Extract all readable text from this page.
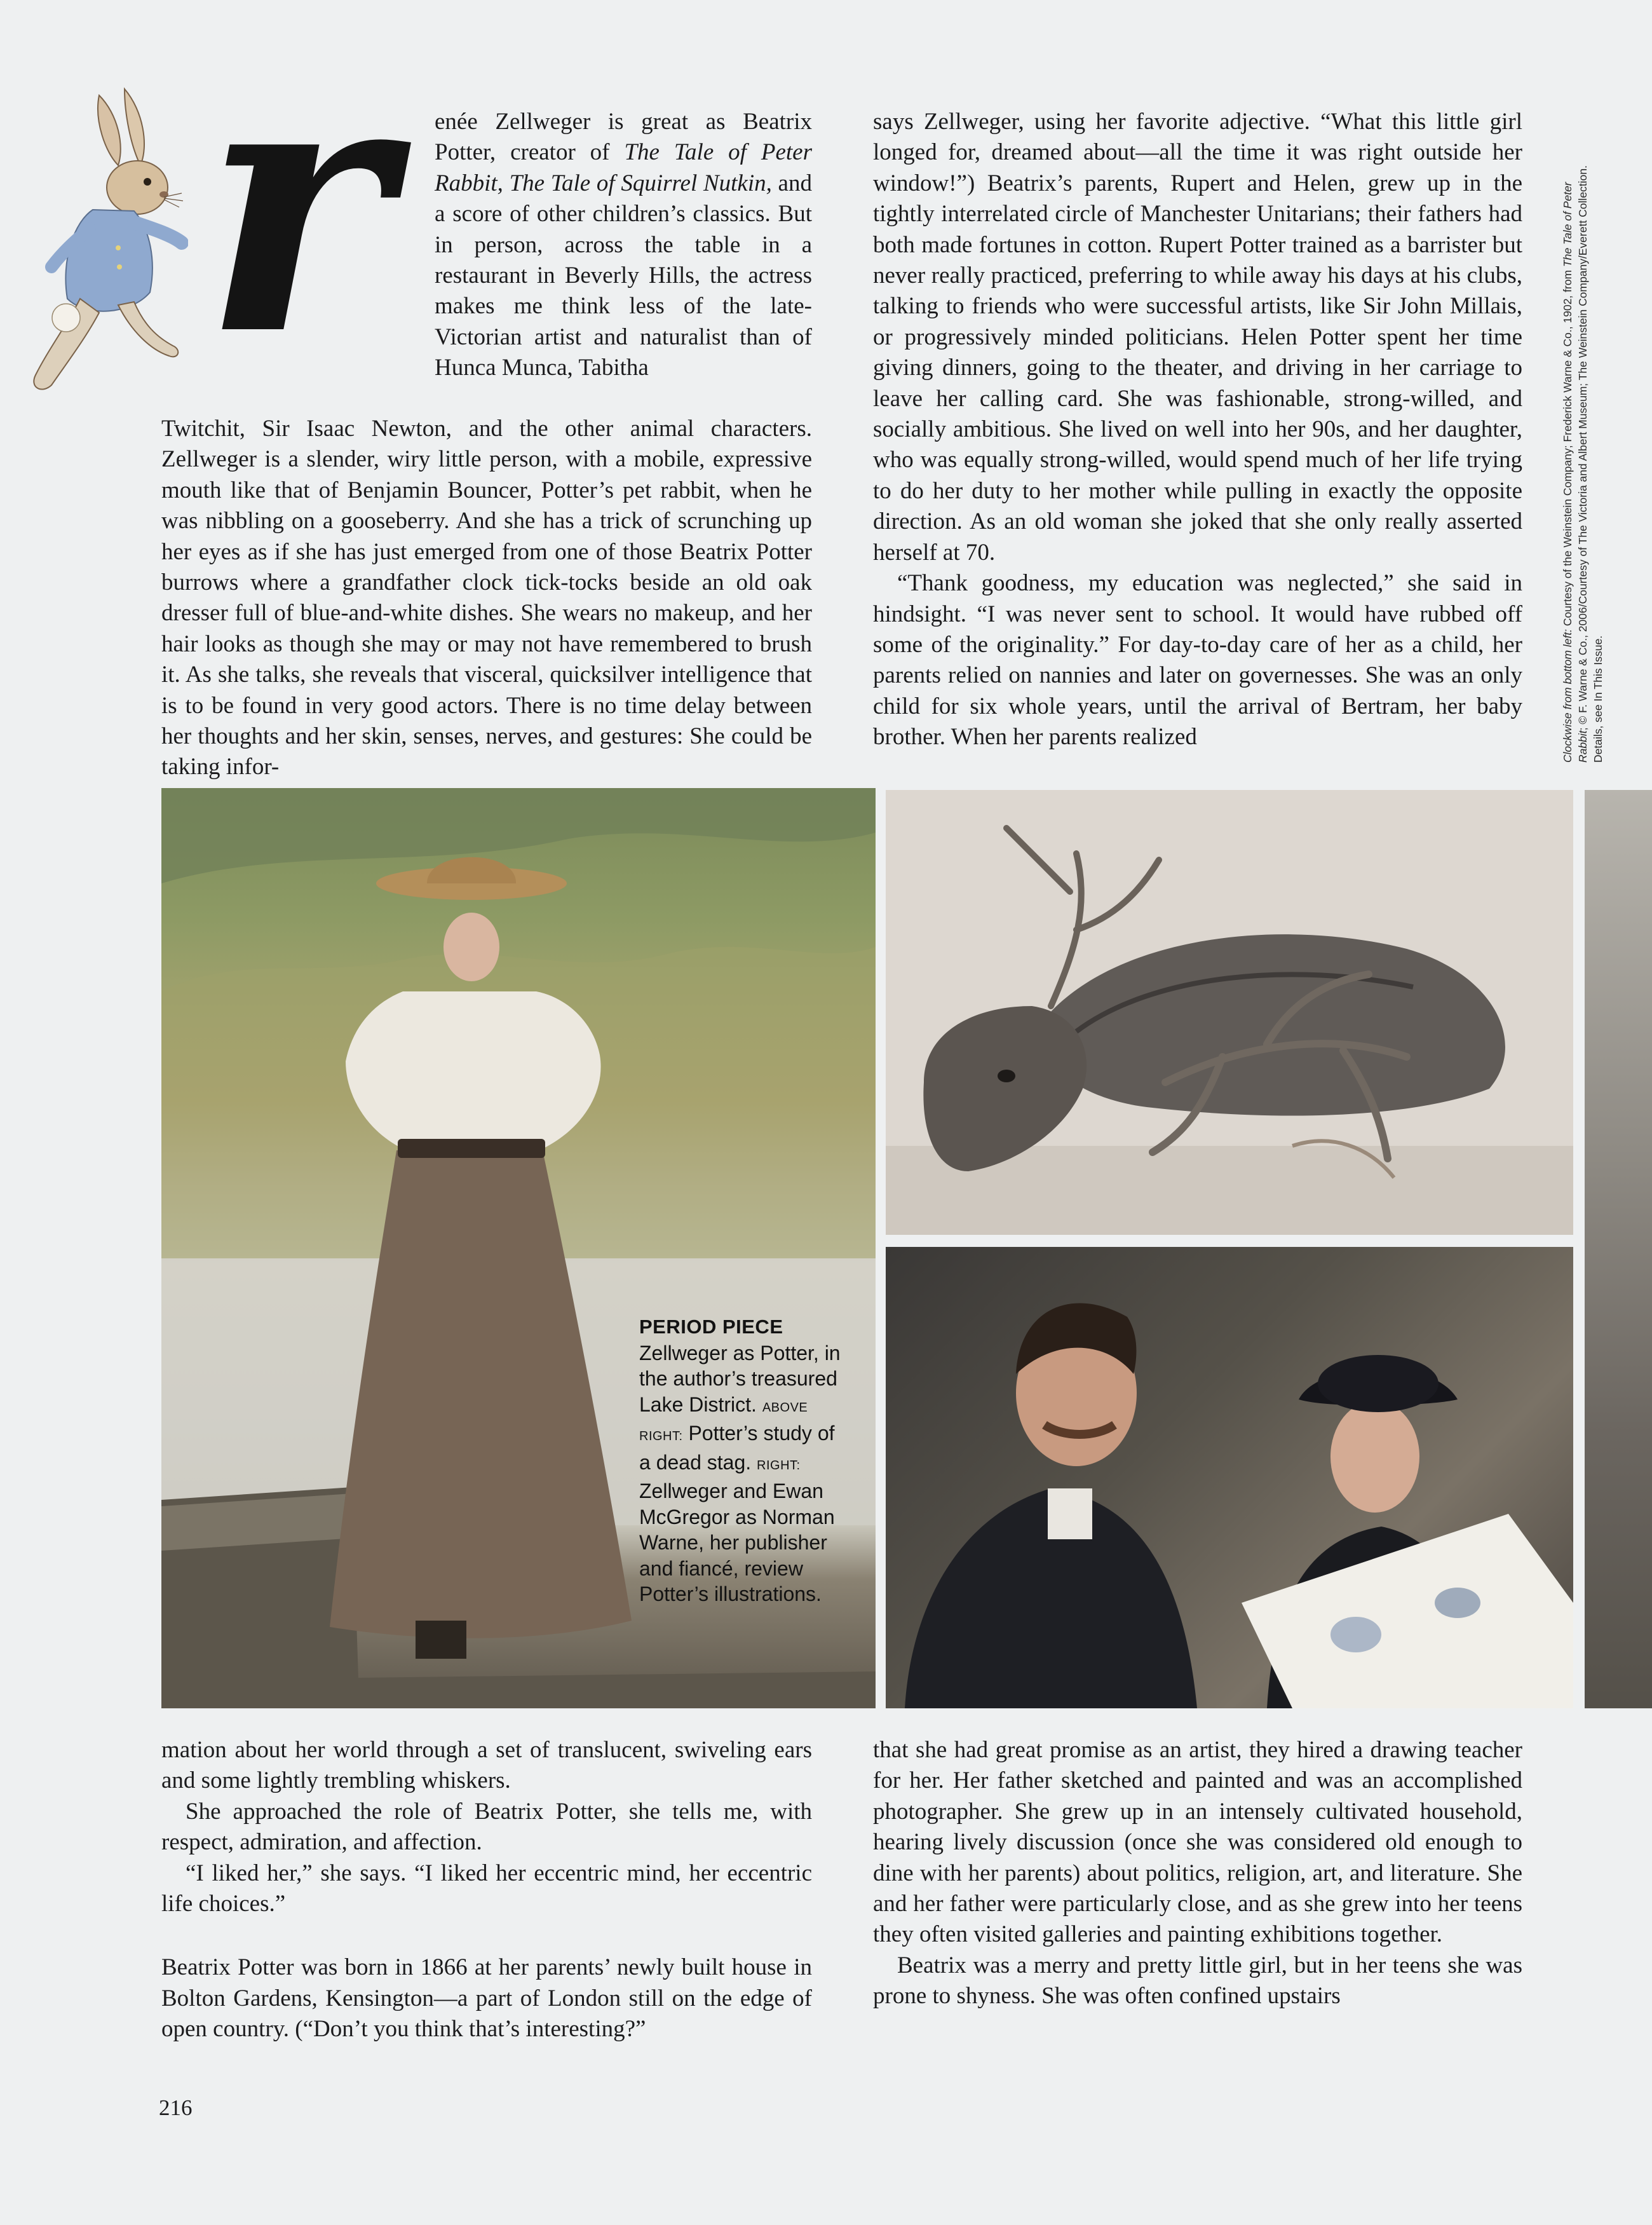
r enée Zellweger is great as Beatrix Potter, creator of The Tale of Peter Rabbit, The Tale of Squirrel Nutkin, and a score of other children’s classics. But in person, across the table in a restaurant in Beverly Hills, the actress makes me think less of the late-Victorian artist and naturalist than of Hunca Munca, Tabitha

Twitchit, Sir Isaac Newton, and the other animal characters. Zellweger is a slender, wiry little person, with a mobile, expressive mouth like that of Benjamin Bouncer, Potter’s pet rabbit, when he was nibbling on a gooseberry. And she has a trick of scrunching up her eyes as if she has just emerged from one of those Beatrix Potter burrows where a grandfather clock tick-tocks beside an old oak dresser full of blue-and-white dishes. She wears no makeup, and her hair looks as though she may or may not have remembered to brush it. As she talks, she reveals that visceral, quicksilver intelligence that is to be found in very good actors. There is no time delay between her thoughts and her skin, senses, nerves, and gestures: She could be taking infor-

says Zellweger, using her favorite adjective. “What this little girl longed for, dreamed about—all the time it was right outside her window!”) Beatrix’s parents, Rupert and Helen, grew up in the tightly interrelated circle of Manchester Unitarians; their fathers had both made fortunes in cotton. Rupert Potter trained as a barrister but never really practiced, preferring to while away his days at his clubs, talking to friends who were successful artists, like Sir John Millais, or progressively minded politicians. Helen Potter spent her time giving dinners, going to the theater, and driving in her carriage to leave her calling card. She was fashionable, strong-willed, and socially ambitious. She lived on well into her 90s, and her daughter, who was equally strong-willed, would spend much of her life trying to do her duty to her mother while pulling in exactly the opposite direction. As an old woman she joked that she only really asserted herself at 70.

“Thank goodness, my education was neglected,” she said in hindsight. “I was never sent to school. It would have rubbed off some of the originality.” For day-to-day care of her as a child, her parents relied on nannies and later on governesses. She was an only child for six whole years, until the arrival of Bertram, her baby brother. When her parents realized

PERIOD PIECE
Zellweger as Potter, in the author’s treasured Lake District. ABOVE RIGHT: Potter’s study of a dead stag. RIGHT: Zellweger and Ewan McGregor as Norman Warne, her publisher and fiancé, review Potter’s illustrations.

mation about her world through a set of translucent, swiveling ears and some lightly trembling whiskers.

She approached the role of Beatrix Potter, she tells me, with respect, admiration, and affection.

“I liked her,” she says. “I liked her eccentric mind, her eccentric life choices.”

Beatrix Potter was born in 1866 at her parents’ newly built house in Bolton Gardens, Kensington—a part of London still on the edge of open country. (“Don’t you think that’s interesting?”

that she had great promise as an artist, they hired a drawing teacher for her. Her father sketched and painted and was an accomplished photographer. She grew up in an intensely cultivated household, hearing lively discussion (once she was considered old enough to dine with her parents) about politics, religion, art, and literature. She and her father were particularly close, and as she grew into her teens they often visited galleries and painting exhibitions together.

Beatrix was a merry and pretty little girl, but in her teens she was prone to shyness. She was often confined upstairs

Clockwise from bottom left: Courtesy of the Weinstein Company; Frederick Warne & Co., 1902, from The Tale of Peter Rabbit; © F. Warne & Co., 2006/Courtesy of The Victoria and Albert Museum; The Weinstein Company/Everett Collection. Details, see In This Issue.
216
